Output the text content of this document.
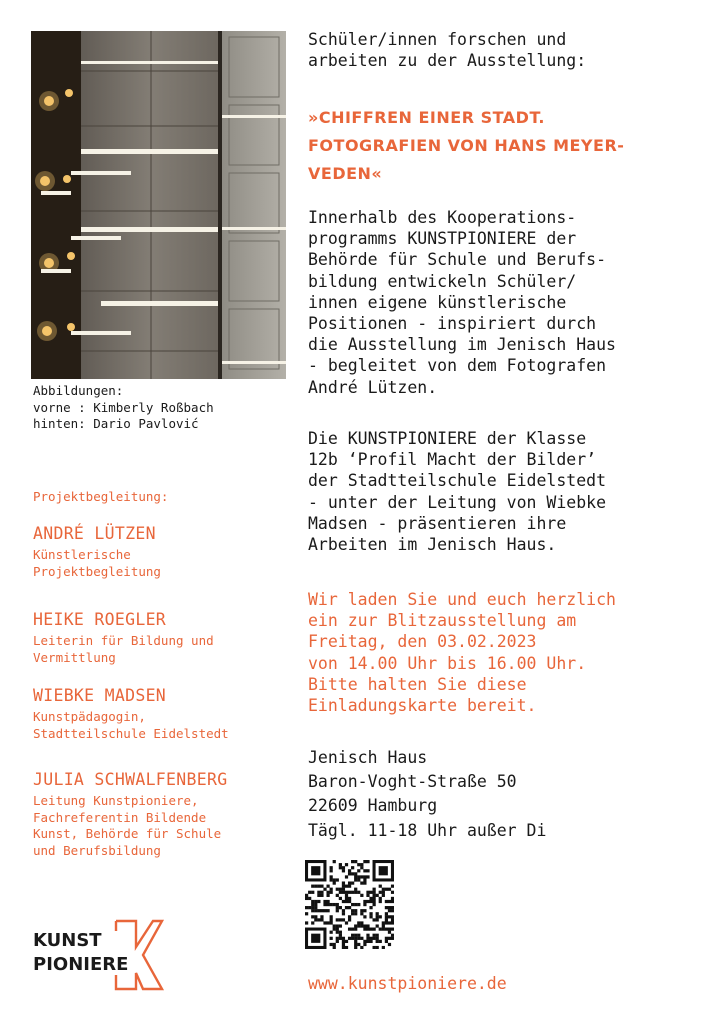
Abbildungen:
vorne : Kimberly Roßbach
hinten: Dario Pavlović
Projektbegleitung:
ANDRÉ LÜTZEN
Künstlerische
Projektbegleitung
HEIKE ROEGLER
Leiterin für Bildung und
Vermittlung
WIEBKE MADSEN
Kunstpädagogin,
Stadtteilschule Eidelstedt
JULIA SCHWALFENBERG
Leitung Kunstpioniere,
Fachreferentin Bildende
Kunst, Behörde für Schule
und Berufsbildung
KUNST
PIONIERE
Schüler/innen forschen und
arbeiten zu der Ausstellung:
»CHIFFREN EINER STADT.
FOTOGRAFIEN VON HANS MEYER-
VEDEN«
Innerhalb des Kooperations-
programms KUNSTPIONIERE der
Behörde für Schule und Berufs-
bildung entwickeln Schüler/
innen eigene künstlerische
Positionen - inspiriert durch
die Ausstellung im Jenisch Haus
- begleitet von dem Fotografen
André Lützen.
Die KUNSTPIONIERE der Klasse
12b ‘Profil Macht der Bilder’
der Stadtteilschule Eidelstedt
- unter der Leitung von Wiebke
Madsen - präsentieren ihre
Arbeiten im Jenisch Haus.
Wir laden Sie und euch herzlich
ein zur Blitzausstellung am
Freitag, den 03.02.2023
von 14.00 Uhr bis 16.00 Uhr.
Bitte halten Sie diese
Einladungskarte bereit.
Jenisch Haus
Baron-Voght-Straße 50
22609 Hamburg
Tägl. 11-18 Uhr außer Di
www.kunstpioniere.de
